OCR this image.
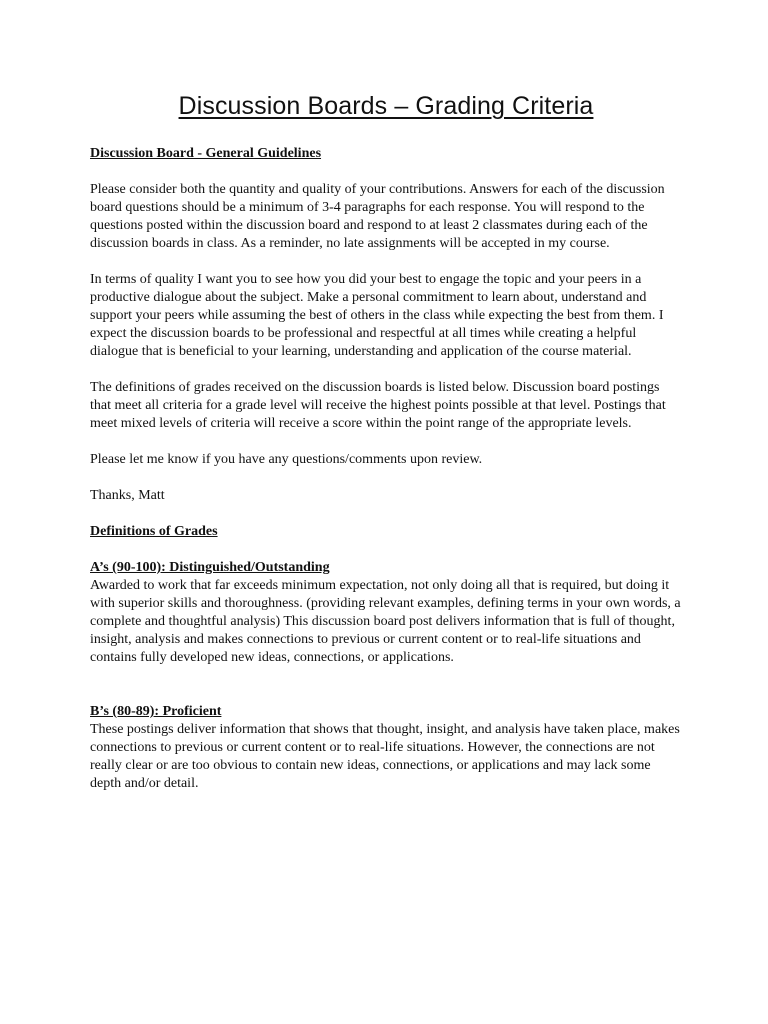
Discussion Boards – Grading Criteria
Discussion Board - General Guidelines

Please consider both the quantity and quality of your contributions. Answers for each of the discussion board questions should be a minimum of 3-4 paragraphs for each response. You will respond to the questions posted within the discussion board and respond to at least 2 classmates during each of the discussion boards in class. As a reminder, no late assignments will be accepted in my course.

In terms of quality I want you to see how you did your best to engage the topic and your peers in a productive dialogue about the subject. Make a personal commitment to learn about, understand and support your peers while assuming the best of others in the class while expecting the best from them. I expect the discussion boards to be professional and respectful at all times while creating a helpful dialogue that is beneficial to your learning, understanding and application of the course material.

The definitions of grades received on the discussion boards is listed below. Discussion board postings that meet all criteria for a grade level will receive the highest points possible at that level. Postings that meet mixed levels of criteria will receive a score within the point range of the appropriate levels.

Please let me know if you have any questions/comments upon review.

Thanks, Matt

Definitions of Grades
A’s (90-100): Distinguished/Outstanding

Awarded to work that far exceeds minimum expectation, not only doing all that is required, but doing it with superior skills and thoroughness. (providing relevant examples, defining terms in your own words, a complete and thoughtful analysis) This discussion board post delivers information that is full of thought, insight, analysis and makes connections to previous or current content or to real-life situations and contains fully developed new ideas, connections, or applications.

B’s (80-89): Proficient

These postings deliver information that shows that thought, insight, and analysis have taken place, makes connections to previous or current content or to real-life situations. However, the connections are not really clear or are too obvious to contain new ideas, connections, or applications and may lack some depth and/or detail.
